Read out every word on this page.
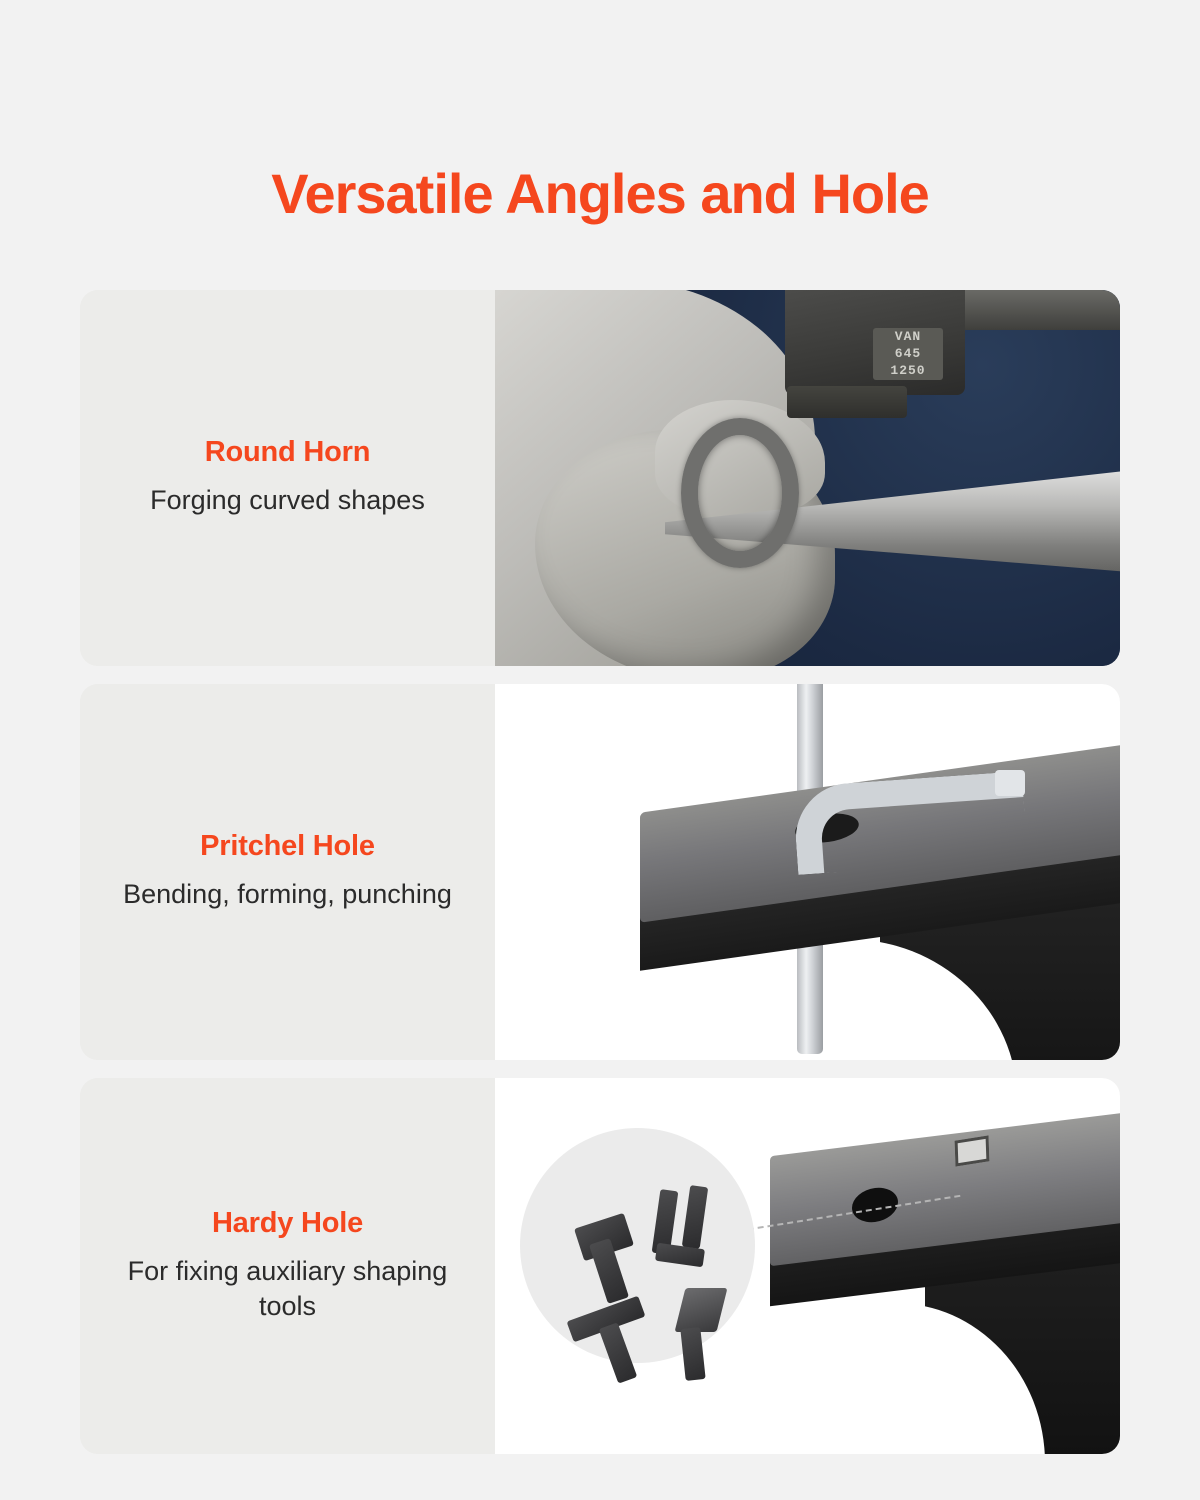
Versatile Angles and Hole
Round Horn
Forging curved shapes
VAN
645
1250
Pritchel Hole
Bending, forming, punching
Hardy Hole
For fixing auxiliary shaping tools
